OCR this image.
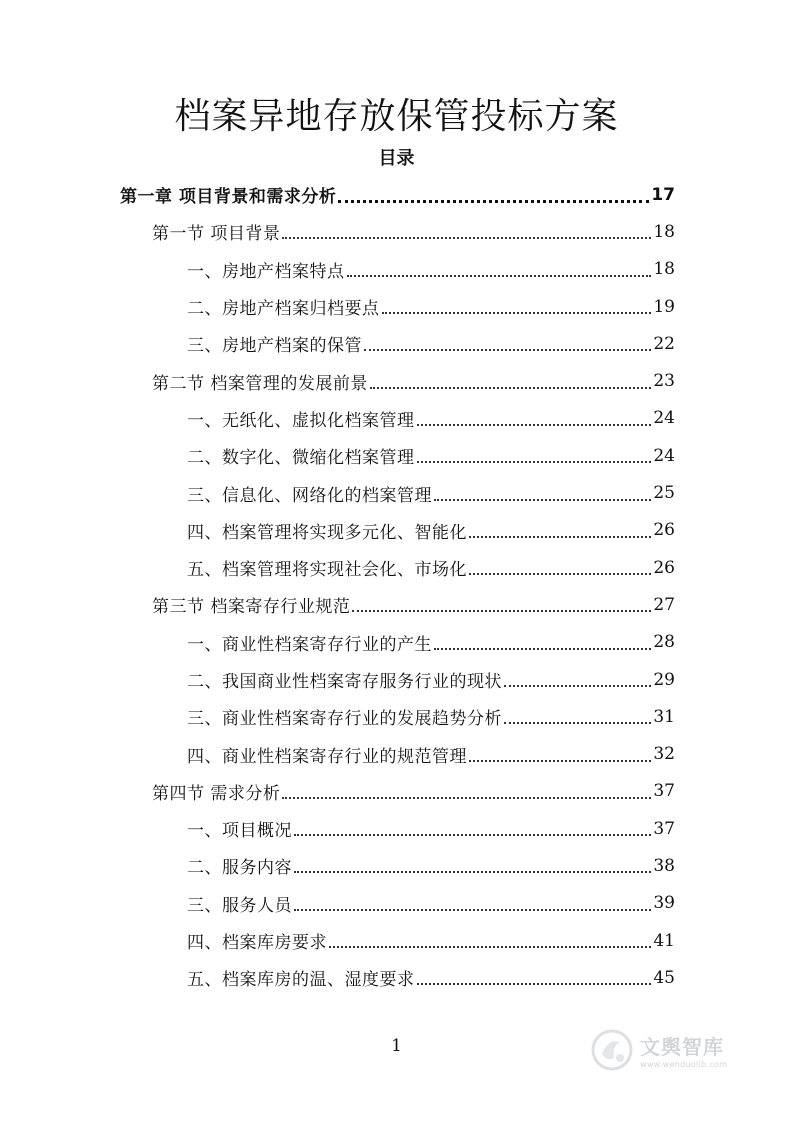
档案异地存放保管投标方案
目录
第一章 项目背景和需求分析	17
第一节 项目背景	18
一、房地产档案特点	18
二、房地产档案归档要点	19
三、房地产档案的保管	22
第二节 档案管理的发展前景	23
一、无纸化、虚拟化档案管理	24
二、数字化、微缩化档案管理	24
三、信息化、网络化的档案管理	25
四、档案管理将实现多元化、智能化	26
五、档案管理将实现社会化、市场化	26
第三节 档案寄存行业规范	27
一、商业性档案寄存行业的产生	28
二、我国商业性档案寄存服务行业的现状	29
三、商业性档案寄存行业的发展趋势分析	31
四、商业性档案寄存行业的规范管理	32
第四节 需求分析	37
一、项目概况	37
二、服务内容	38
三、服务人员	39
四、档案库房要求	41
五、档案库房的温、湿度要求	45
1	文舆智库
www.wenduolib.com
